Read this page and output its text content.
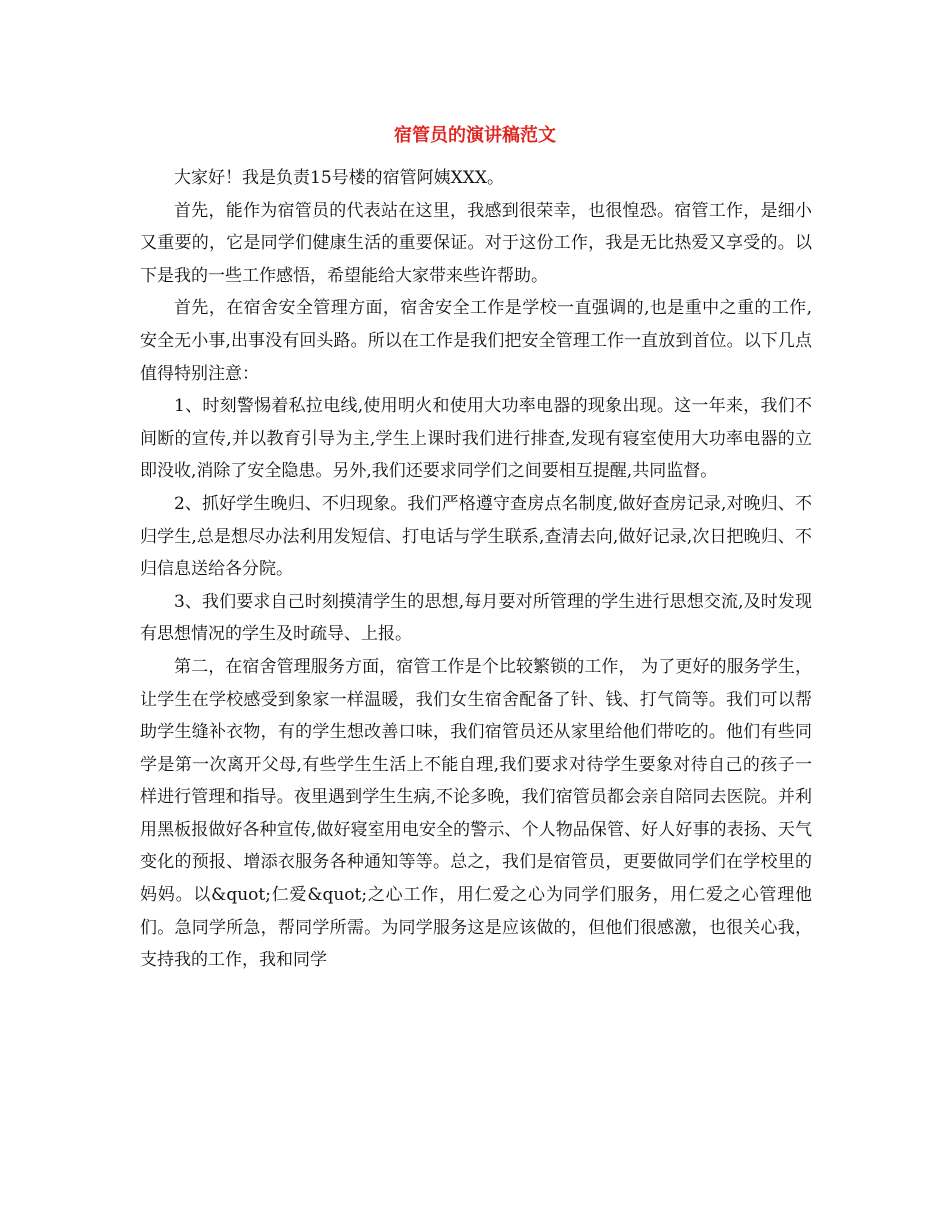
宿管员的演讲稿范文

大家好！我是负责15号楼的宿管阿姨XXX。

首先，能作为宿管员的代表站在这里，我感到很荣幸，也很惶恐。宿管工作，是细小又重要的，它是同学们健康生活的重要保证。对于这份工作，我是无比热爱又享受的。以下是我的一些工作感悟，希望能给大家带来些许帮助。

首先，在宿舍安全管理方面，宿舍安全工作是学校一直强调的,也是重中之重的工作,安全无小事,出事没有回头路。所以在工作是我们把安全管理工作一直放到首位。以下几点值得特别注意：

1、时刻警惕着私拉电线,使用明火和使用大功率电器的现象出现。这一年来，我们不间断的宣传,并以教育引导为主,学生上课时我们进行排查,发现有寝室使用大功率电器的立即没收,消除了安全隐患。另外,我们还要求同学们之间要相互提醒,共同监督。

2、抓好学生晚归、不归现象。我们严格遵守查房点名制度,做好查房记录,对晚归、不归学生,总是想尽办法利用发短信、打电话与学生联系,查清去向,做好记录,次日把晚归、不归信息送给各分院。

3、我们要求自己时刻摸清学生的思想,每月要对所管理的学生进行思想交流,及时发现有思想情况的学生及时疏导、上报。

第二，在宿舍管理服务方面，宿管工作是个比较繁锁的工作， 为了更好的服务学生，让学生在学校感受到象家一样温暖，我们女生宿舍配备了针、钱、打气筒等。我们可以帮助学生缝补衣物，有的学生想改善口味，我们宿管员还从家里给他们带吃的。他们有些同学是第一次离开父母,有些学生生活上不能自理,我们要求对待学生要象对待自己的孩子一样进行管理和指导。夜里遇到学生生病,不论多晚，我们宿管员都会亲自陪同去医院。并利用黑板报做好各种宣传,做好寝室用电安全的警示、个人物品保管、好人好事的表扬、天气变化的预报、增添衣服务各种通知等等。总之，我们是宿管员，更要做同学们在学校里的妈妈。以&quot;仁爱&quot;之心工作，用仁爱之心为同学们服务，用仁爱之心管理他们。急同学所急，帮同学所需。为同学服务这是应该做的，但他们很感激，也很关心我，支持我的工作，我和同学
